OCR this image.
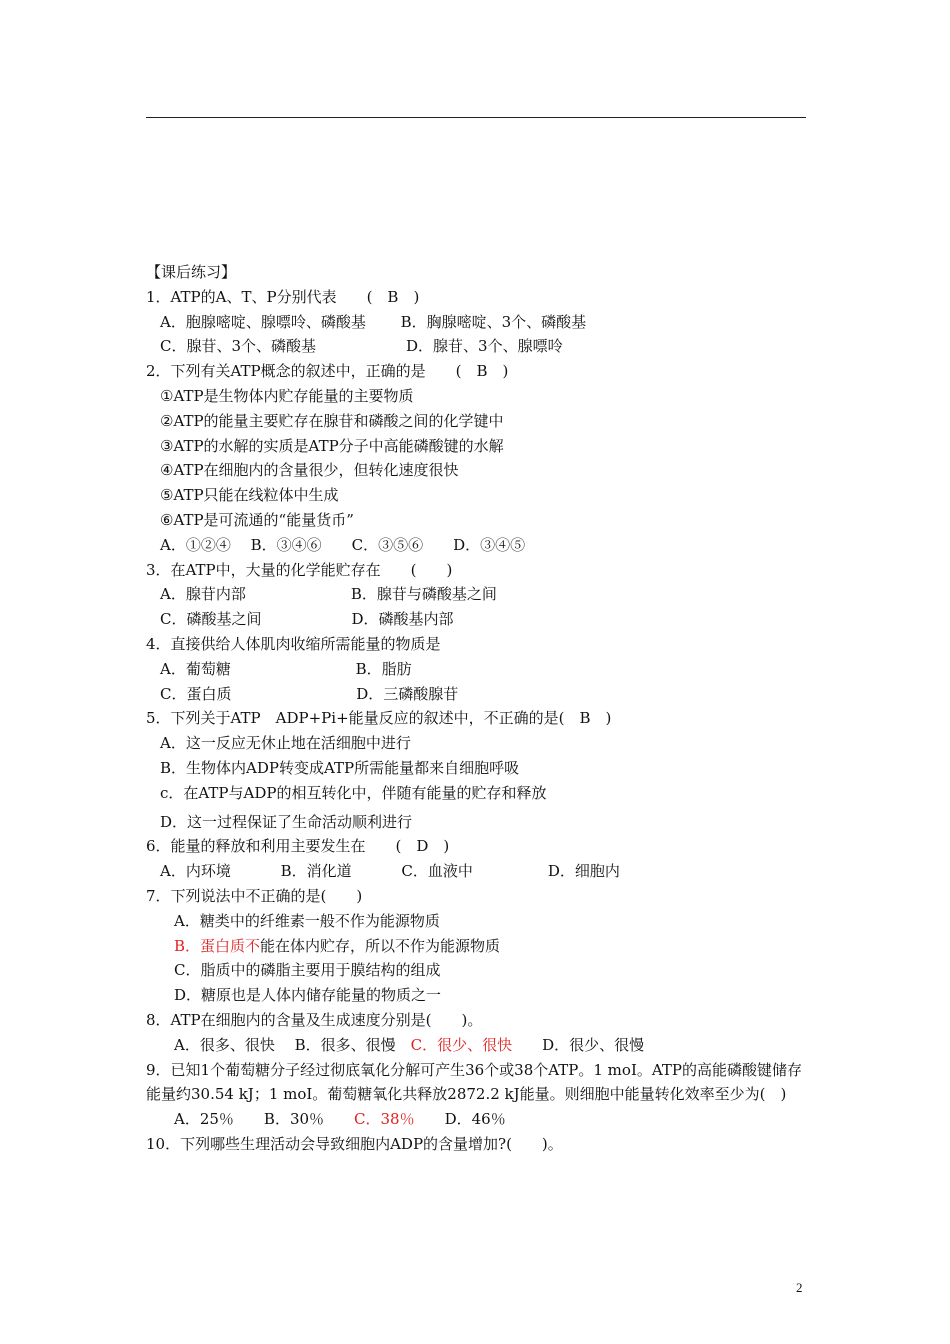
【课后练习】
1．ATP的A、T、P分别代表　　(　B　)
A．胞腺嘧啶、腺嘌呤、磷酸基　　 B．胸腺嘧啶、3个、磷酸基
C．腺苷、3个、磷酸基　　　　　　D．腺苷、3个、腺嘌呤
2．下列有关ATP概念的叙述中，正确的是　　(　B　)
①ATP是生物体内贮存能量的主要物质
②ATP的能量主要贮存在腺苷和磷酸之间的化学键中
③ATP的水解的实质是ATP分子中高能磷酸键的水解
④ATP在细胞内的含量很少，但转化速度很快
⑤ATP只能在线粒体中生成
⑥ATP是可流通的“能量货币”
A．①②④　 B．③④⑥　　C．③⑤⑥　　D．③④⑤
3．在ATP中，大量的化学能贮存在　　(　　)
A．腺苷内部　　　　　　　B．腺苷与磷酸基之间
C．磷酸基之间　　　　　　D．磷酸基内部
4．直接供给人体肌肉收缩所需能量的物质是
A．葡萄糖　　　　　　　　 B．脂肪
C．蛋白质　　　　　　　　 D．三磷酸腺苷
5．下列关于ATP　ADP+Pi+能量反应的叙述中，不正确的是(　B　)
A．这一反应无休止地在活细胞中进行
B．生物体内ADP转变成ATP所需能量都来自细胞呼吸
c．在ATP与ADP的相互转化中，伴随有能量的贮存和释放
D．这一过程保证了生命活动顺利进行
6．能量的释放和利用主要发生在　　(　D　)
A．内环境　　　 B．消化道　　　 C．血液中　　　　　D．细胞内
7．下列说法中不正确的是(　　)
A．糖类中的纤维素一般不作为能源物质
B．蛋白质不能在体内贮存，所以不作为能源物质
C．脂质中的磷脂主要用于膜结构的组成
D．糖原也是人体内储存能量的物质之一
8．ATP在细胞内的含量及生成速度分别是(　　)。
A．很多、很快　 B．很多、很慢　C．很少、很快　　D．很少、很慢
9．已知1个葡萄糖分子经过彻底氧化分解可产生36个或38个ATP。1 moI。ATP的高能磷酸键储存能量约30.54 kJ；1 moI。葡萄糖氧化共释放2872.2 kJ能量。则细胞中能量转化效率至少为(　)
A．25％　　B．30％　　C．38％　　D．46％
10．下列哪些生理活动会导致细胞内ADP的含量增加?(　　)。
2
